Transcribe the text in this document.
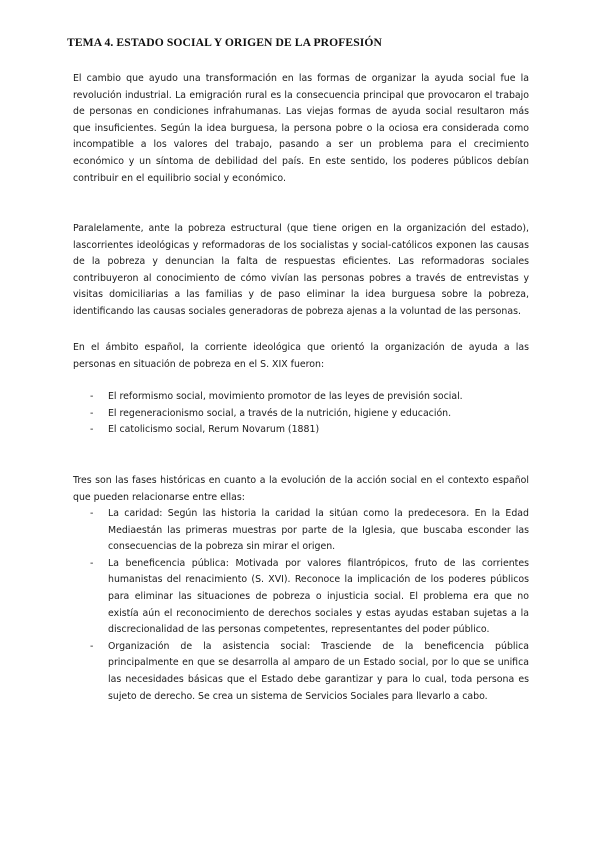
TEMA 4. ESTADO SOCIAL Y ORIGEN DE LA PROFESIÓN

El cambio que ayudo una transformación en las formas de organizar la ayuda social fue la revolución industrial. La emigración rural es la consecuencia principal que provocaron el trabajo de personas en condiciones infrahumanas. Las viejas formas de ayuda social resultaron más que insuficientes. Según la idea burguesa, la persona pobre o la ociosa era considerada como incompatible a los valores del trabajo, pasando a ser un problema para el crecimiento económico y un síntoma de debilidad del país. En este sentido, los poderes públicos debían contribuir en el equilibrio social y económico.

Paralelamente, ante la pobreza estructural (que tiene origen en la organización del estado), lascorrientes ideológicas y reformadoras de los socialistas y social-católicos exponen las causas de la pobreza y denuncian la falta de respuestas eficientes. Las reformadoras sociales contribuyeron al conocimiento de cómo vivían las personas pobres a través de entrevistas y visitas domiciliarias a las familias y de paso eliminar la idea burguesa sobre la pobreza, identificando las causas sociales generadoras de pobreza ajenas a la voluntad de las personas.

En el ámbito español, la corriente ideológica que orientó la organización de ayuda a las personas en situación de pobreza en el S. XIX fueron:

- El reformismo social, movimiento promotor de las leyes de previsión social.
- El regeneracionismo social, a través de la nutrición, higiene y educación.
- El catolicismo social, Rerum Novarum (1881)

Tres son las fases históricas en cuanto a la evolución de la acción social en el contexto español que pueden relacionarse entre ellas:

- La caridad: Según las historia la caridad la sitúan como la predecesora. En la Edad Mediaestán las primeras muestras por parte de la Iglesia, que buscaba esconder las consecuencias de la pobreza sin mirar el origen.
- La beneficencia pública: Motivada por valores filantrópicos, fruto de las corrientes humanistas del renacimiento (S. XVI). Reconoce la implicación de los poderes públicos para eliminar las situaciones de pobreza o injusticia social. El problema era que no existía aún el reconocimiento de derechos sociales y estas ayudas estaban sujetas a la discrecionalidad de las personas competentes, representantes del poder público.
- Organización de la asistencia social: Trasciende de la beneficencia pública principalmente en que se desarrolla al amparo de un Estado social, por lo que se unifica las necesidades básicas que el Estado debe garantizar y para lo cual, toda persona es sujeto de derecho. Se crea un sistema de Servicios Sociales para llevarlo a cabo.
